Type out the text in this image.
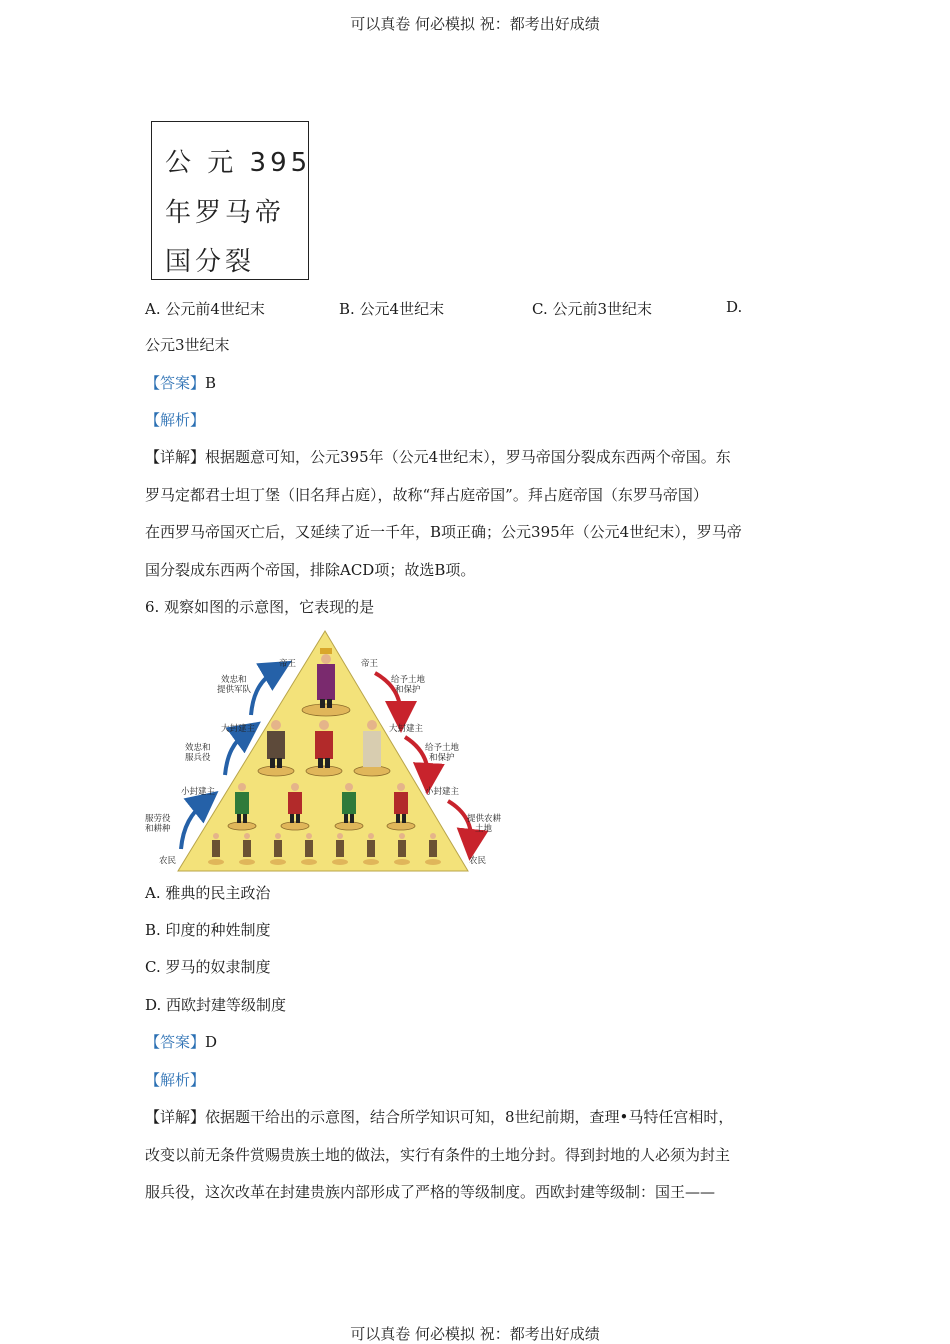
可以真卷 何必模拟 祝：都考出好成绩
公 元 395
年罗马帝
国分裂
A. 公元前4世纪末	B. 公元4世纪末	C. 公元前3世纪末	D.
公元3世纪末
【答案】B
【解析】
【详解】根据题意可知，公元395年（公元4世纪末），罗马帝国分裂成东西两个帝国。东
罗马定都君士坦丁堡（旧名拜占庭），故称“拜占庭帝国”。拜占庭帝国（东罗马帝国）
在西罗马帝国灭亡后，又延续了近一千年，B项正确；公元395年（公元4世纪末），罗马帝
国分裂成东西两个帝国，排除ACD项；故选B项。
6. 观察如图的示意图，它表现的是
帝王
效忠和
提供军队
大封建主
效忠和
服兵役
小封建主
服劳役
和耕种
农民
帝王
给予土地
和保护
大封建主
给予土地
和保护
小封建主
提供农耕
土地
农民
A. 雅典的民主政治
B. 印度的种姓制度
C. 罗马的奴隶制度
D. 西欧封建等级制度
【答案】D
【解析】
【详解】依据题干给出的示意图，结合所学知识可知，8世纪前期，查理•马特任宫相时，
改变以前无条件赏赐贵族土地的做法，实行有条件的土地分封。得到封地的人必须为封主
服兵役，这次改革在封建贵族内部形成了严格的等级制度。西欧封建等级制：国王——
可以真卷 何必模拟 祝：都考出好成绩
